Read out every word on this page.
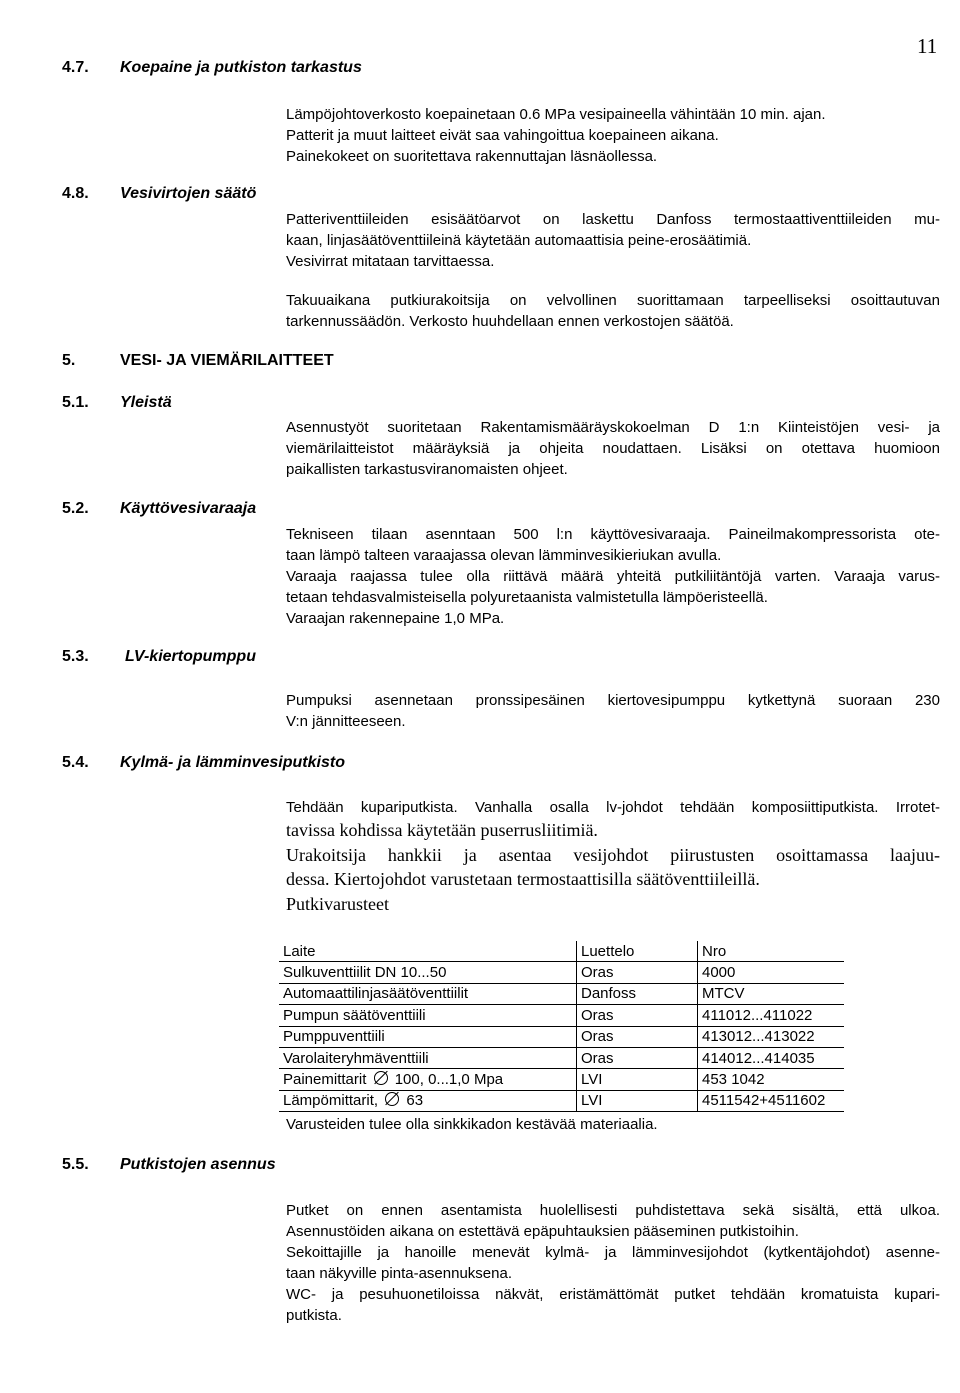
11
4.7. Koepaine ja putkiston tarkastus
4.8. Vesivirtojen säätö
5.	VESI- JA VIEMÄRILAITTEET
5.1. Yleistä
5.2. Käyttövesivaraaja
5.3. LV-kiertopumppu
5.4. Kylmä- ja lämminvesiputkisto
5.5. Putkistojen asennus
Lämpöjohtoverkosto koepainetaan 0.6 MPa vesipaineella vähintään 10 min. ajan.
Patterit ja muut laitteet eivät saa vahingoittua koepaineen aikana.
Painekokeet on suoritettava rakennuttajan läsnäollessa.
Patteriventtiileiden esisäätöarvot on laskettu Danfoss termostaattiventtiileiden mu-
kaan, linjasäätöventtiileinä käytetään automaattisia peine-erosäätimiä.
Vesivirrat mitataan tarvittaessa.
Takuuaikana putkiurakoitsija on velvollinen suorittamaan tarpeelliseksi osoittautuvan
tarkennussäädön. Verkosto huuhdellaan ennen verkostojen säätöä.
Asennustyöt suoritetaan Rakentamismääräyskokoelman D 1:n Kiinteistöjen vesi- ja
viemärilaitteistot määräyksiä ja ohjeita noudattaen. Lisäksi on otettava huomioon
paikallisten tarkastusviranomaisten ohjeet.
Tekniseen tilaan asenntaan 500 l:n käyttövesivaraaja. Paineilmakompressorista ote-
taan lämpö talteen varaajassa olevan lämminvesikieriukan avulla.
Varaaja raajassa tulee olla riittävä määrä yhteitä putkiliitäntöjä varten. Varaaja varus-
tetaan tehdasvalmisteisella polyuretaanista valmistetulla lämpöeristeellä.
Varaajan rakennepaine 1,0 MPa.
Pumpuksi asennetaan pronssipesäinen kiertovesipumppu kytkettynä suoraan 230
V:n jännitteeseen.
Tehdään kupariputkista. Vanhalla osalla lv-johdot tehdään komposiittiputkista. Irrotet-
tavissa kohdissa käytetään puserrusliitimiä.
Urakoitsija hankkii ja asentaa vesijohdot piirustusten osoittamassa laajuu-
dessa. Kiertojohdot varustetaan termostaattisilla säätöventtiileillä.
Putkivarusteet
Laite	Luettelo	Nro
Sulkuventtiilit DN 10...50	Oras	4000
Automaattilinjasäätöventtiilit	Danfoss	MTCV
Pumpun säätöventtiili	Oras	411012...411022
Pumppuventtiili	Oras	413012...413022
Varolaiteryhmäventtiili	Oras	414012...414035
Painemittarit 100, 0...1,0 Mpa	LVI	453 1042
Lämpömittarit, 63	LVI	4511542+4511602
Varusteiden tulee olla sinkkikadon kestävää materiaalia.
Putket on ennen asentamista huolellisesti puhdistettava sekä sisältä, että ulkoa.
Asennustöiden aikana on estettävä epäpuhtauksien pääseminen putkistoihin.
Sekoittajille ja hanoille menevät kylmä- ja lämminvesijohdot (kytkentäjohdot) asenne-
taan näkyville pinta-asennuksena.
WC- ja pesuhuonetiloissa näkvät, eristämättömät putket tehdään kromatuista kupari-
putkista.
